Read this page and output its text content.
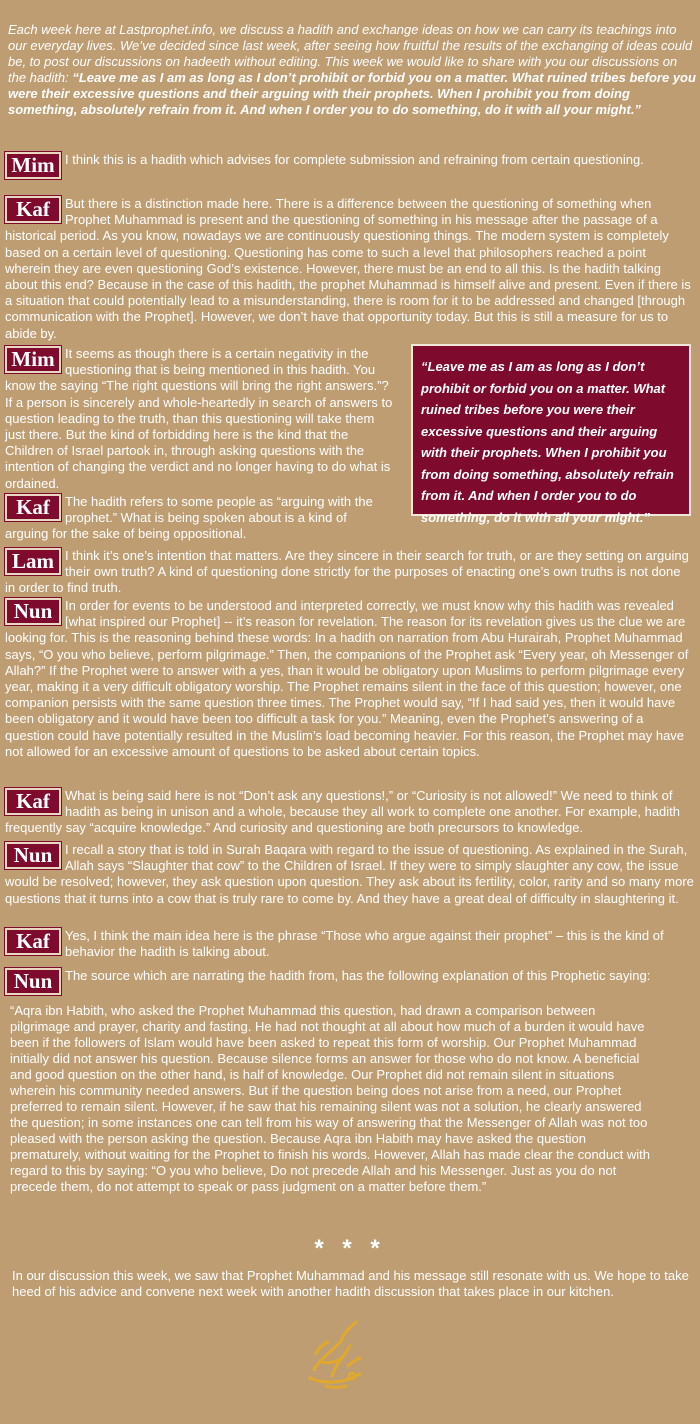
Each week here at Lastprophet.info, we discuss a hadith and exchange ideas on how we can carry its teachings into our everyday lives. We’ve decided since last week, after seeing how fruitful the results of the exchanging of ideas could be, to post our discussions on hadeeth without editing. This week we would like to share with you our discussions on the hadith: “Leave me as I am as long as I don’t prohibit or forbid you on a matter. What ruined tribes before you were their excessive questions and their arguing with their prophets. When I prohibit you from doing something, absolutely refrain from it. And when I order you to do something, do it with all your might.”
Mim I think this is a hadith which advises for complete submission and refraining from certain questioning.
Kaf	But there is a distinction made here. There is a difference between the questioning of something when Prophet Muhammad is present and the questioning of something in his message after the passage of a historical period. As you know, nowadays we are continuously questioning things. The modern system is completely based on a certain level of questioning. Questioning has come to such a level that philosophers reached a point wherein they are even questioning God’s existence. However, there must be an end to all this. Is the hadith talking about this end? Because in the case of this hadith, the prophet Muhammad is himself alive and present. Even if there is a situation that could potentially lead to a misunderstanding, there is room for it to be addressed and changed [through communication with the Prophet]. However, we don’t have that opportunity today. But this is still a measure for us to abide by.
Mim It seems as though there is a certain negativity in the questioning that is being mentioned in this hadith. You know the saying “The right questions will bring the right answers.”? If a person is sincerely and whole-heartedly in search of answers to question leading to the truth, than this questioning will take them just there. But the kind of forbidding here is the kind that the Children of Israel partook in, through asking questions with the intention of changing the verdict and no longer having to do what is ordained.
“Leave me as I am as long as I don’t prohibit or forbid you on a matter. What ruined tribes before you were their excessive questions and their arguing with their prophets. When I prohibit you from doing something, absolutely refrain from it. And when I order you to do something, do it with all your might.”
Kaf	The hadith refers to some people as “arguing with the prophet.” What is being spoken about is a kind of arguing for the sake of being oppositional.
Lam I think it’s one’s intention that matters. Are they sincere in their search for truth, or are they setting on arguing their own truth? A kind of questioning done strictly for the purposes of enacting one’s own truths is not done in order to find truth.
Nun In order for events to be understood and interpreted correctly, we must know why this hadith was revealed [what inspired our Prophet] -- it’s reason for revelation. The reason for its revelation gives us the clue we are looking for. This is the reasoning behind these words: In a hadith on narration from Abu Hurairah, Prophet Muhammad says, “O you who believe, perform pilgrimage.” Then, the companions of the Prophet ask “Every year, oh Messenger of Allah?” If the Prophet were to answer with a yes, than it would be obligatory upon Muslims to perform pilgrimage every year, making it a very difficult obligatory worship. The Prophet remains silent in the face of this question; however, one companion persists with the same question three times. The Prophet would say, “If I had said yes, then it would have been obligatory and it would have been too difficult a task for you.” Meaning, even the Prophet’s answering of a question could have potentially resulted in the Muslim’s load becoming heavier. For this reason, the Prophet may have not allowed for an excessive amount of questions to be asked about certain topics.
Kaf	What is being said here is not “Don’t ask any questions!,” or “Curiosity is not allowed!” We need to think of hadith as being in unison and a whole, because they all work to complete one another. For example, hadith frequently say “acquire knowledge.” And curiosity and questioning are both precursors to knowledge.
Nun I recall a story that is told in Surah Baqara with regard to the issue of questioning. As explained in the Surah, Allah says “Slaughter that cow” to the Children of Israel. If they were to simply slaughter any cow, the issue would be resolved; however, they ask question upon question. They ask about its fertility, color, rarity and so many more questions that it turns into a cow that is truly rare to come by. And they have a great deal of difficulty in slaughtering it.
Kaf	Yes, I think the main idea here is the phrase “Those who argue against their prophet” – this is the kind of behavior the hadith is talking about.
Nun The source which are narrating the hadith from, has the following explanation of this Prophetic saying:
“Aqra ibn Habith, who asked the Prophet Muhammad this question, had drawn a comparison between pilgrimage and prayer, charity and fasting. He had not thought at all about how much of a burden it would have been if the followers of Islam would have been asked to repeat this form of worship. Our Prophet Muhammad initially did not answer his question. Because silence forms an answer for those who do not know. A beneficial and good question on the other hand, is half of knowledge. Our Prophet did not remain silent in situations wherein his community needed answers. But if the question being does not arise from a need, our Prophet preferred to remain silent. However, if he saw that his remaining silent was not a solution, he clearly answered the question; in some instances one can tell from his way of answering that the Messenger of Allah was not too pleased with the person asking the question. Because Aqra ibn Habith may have asked the question prematurely, without waiting for the Prophet to finish his words. However, Allah has made clear the conduct with regard to this by saying: “O you who believe, Do not precede Allah and his Messenger. Just as you do not precede them, do not attempt to speak or pass judgment on a matter before them.”
* * *
In our discussion this week, we saw that Prophet Muhammad and his message still resonate with us. We hope to take heed of his advice and convene next week with another hadith discussion that takes place in our kitchen.
